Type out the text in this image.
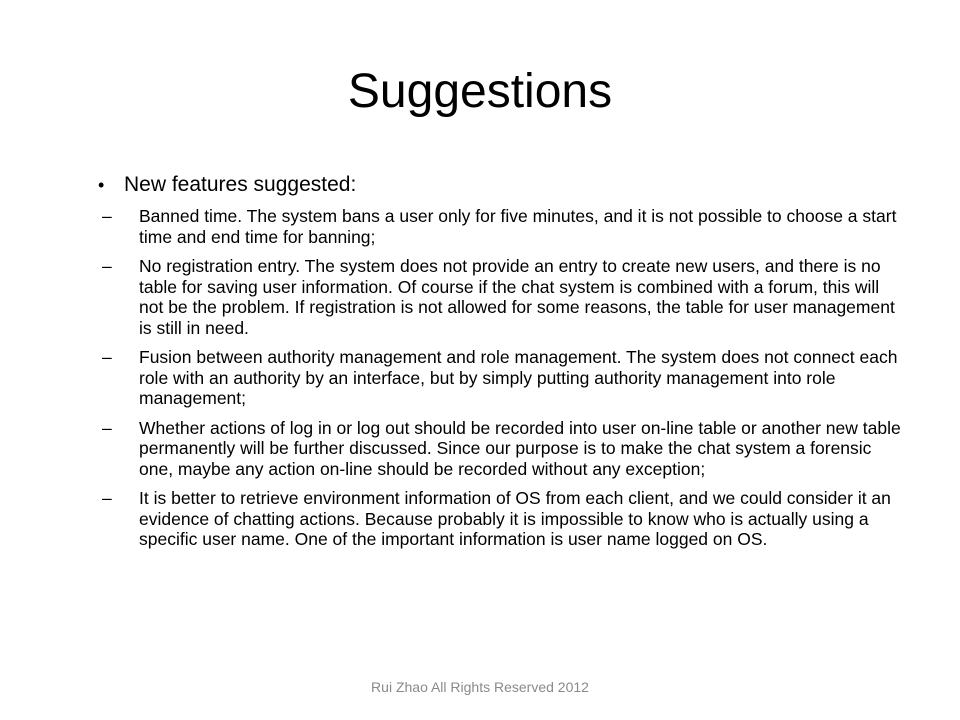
Suggestions
• New features suggested:
– Banned time. The system bans a user only for five minutes, and it is not possible to choose a start time and end time for banning;
– No registration entry. The system does not provide an entry to create new users, and there is no table for saving user information. Of course if the chat system is combined with a forum, this will not be the problem. If registration is not allowed for some reasons, the table for user management is still in need.
– Fusion between authority management and role management. The system does not connect each role with an authority by an interface, but by simply putting authority management into role management;
– Whether actions of log in or log out should be recorded into user on-line table or another new table permanently will be further discussed. Since our purpose is to make the chat system a forensic one, maybe any action on-line should be recorded without any exception;
– It is better to retrieve environment information of OS from each client, and we could consider it an evidence of chatting actions. Because probably it is impossible to know who is actually using a specific user name. One of the important information is user name logged on OS.
Rui Zhao All Rights Reserved 2012
